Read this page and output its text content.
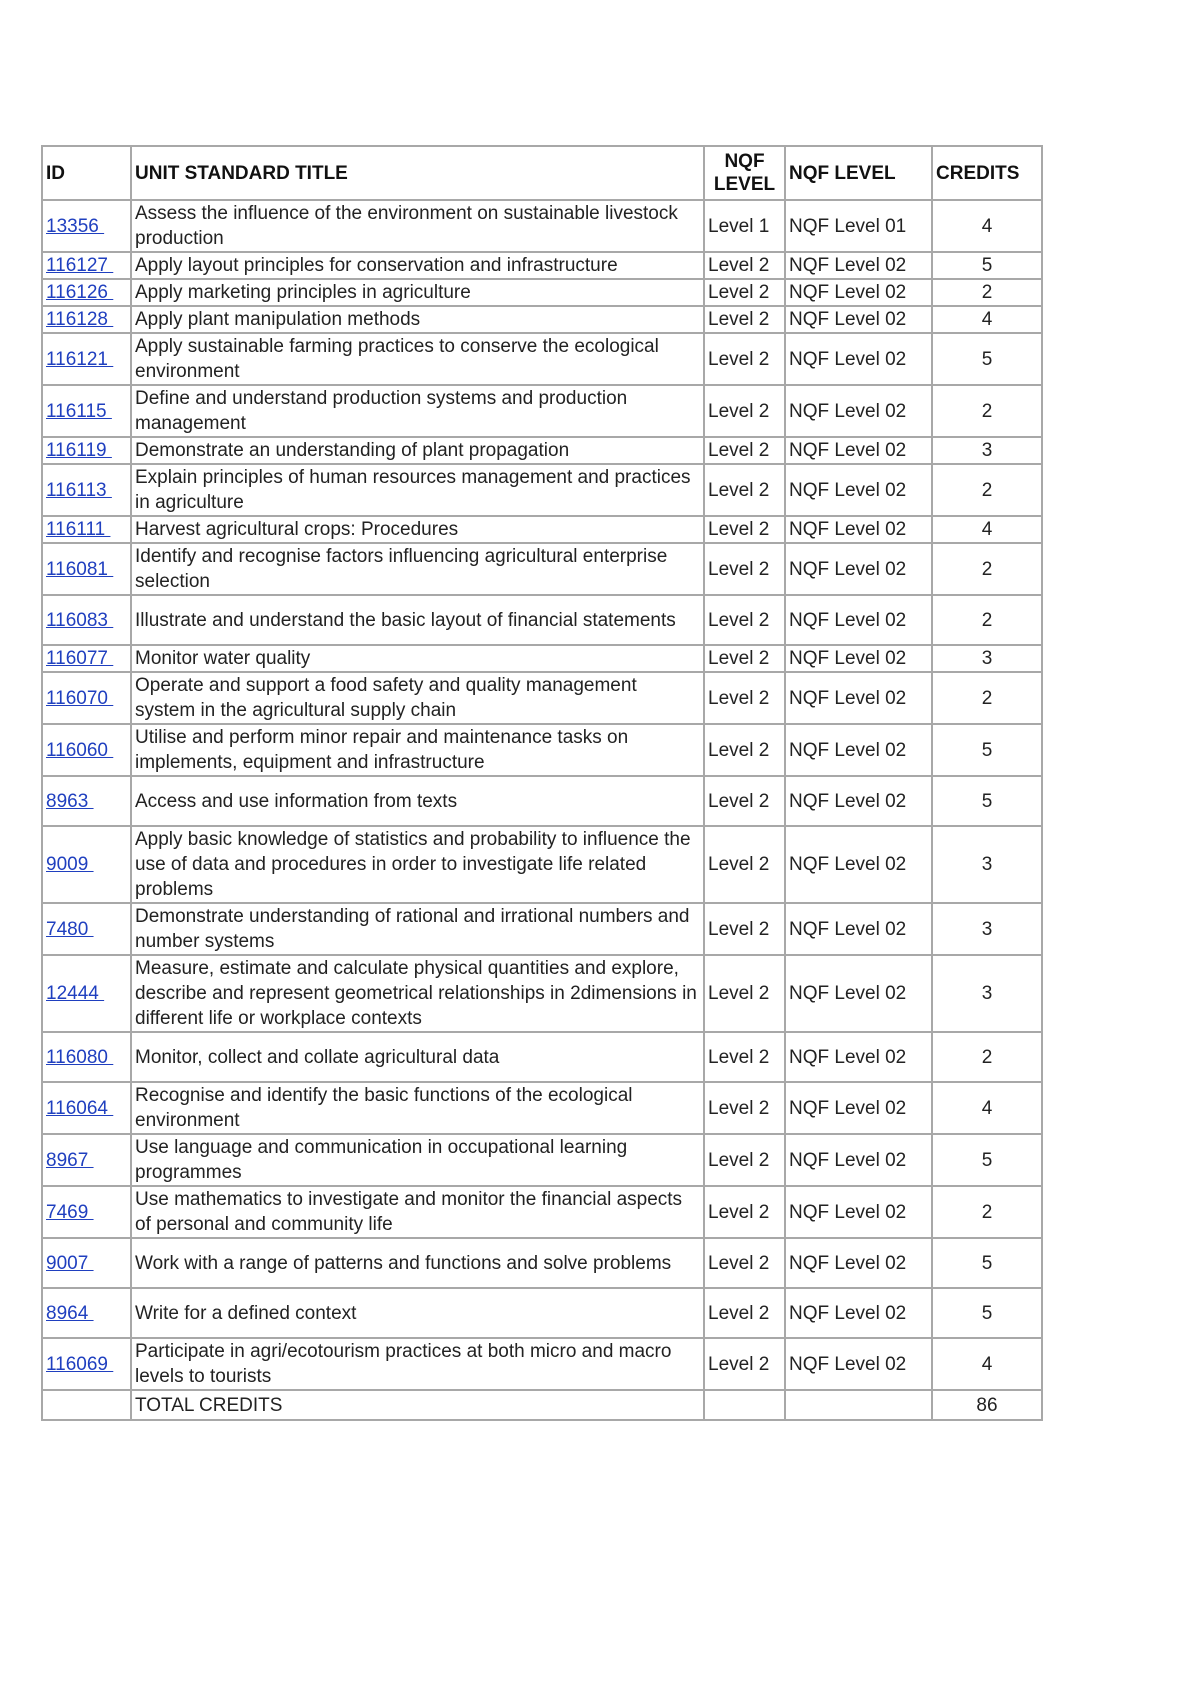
ID	UNIT STANDARD TITLE	NQF LEVEL	NQF LEVEL	CREDITS
13356	Assess the influence of the environment on sustainable livestock production	Level 1	NQF Level 01	4
116127	Apply layout principles for conservation and infrastructure	Level 2	NQF Level 02	5
116126	Apply marketing principles in agriculture	Level 2	NQF Level 02	2
116128	Apply plant manipulation methods	Level 2	NQF Level 02	4
116121	Apply sustainable farming practices to conserve the ecological environment	Level 2	NQF Level 02	5
116115	Define and understand production systems and production management	Level 2	NQF Level 02	2
116119	Demonstrate an understanding of plant propagation	Level 2	NQF Level 02	3
116113	Explain principles of human resources management and practices in agriculture	Level 2	NQF Level 02	2
116111	Harvest agricultural crops: Procedures	Level 2	NQF Level 02	4
116081	Identify and recognise factors influencing agricultural enterprise selection	Level 2	NQF Level 02	2
116083	Illustrate and understand the basic layout of financial statements	Level 2	NQF Level 02	2
116077	Monitor water quality	Level 2	NQF Level 02	3
116070	Operate and support a food safety and quality management system in the agricultural supply chain	Level 2	NQF Level 02	2
116060	Utilise and perform minor repair and maintenance tasks on implements, equipment and infrastructure	Level 2	NQF Level 02	5
8963	Access and use information from texts	Level 2	NQF Level 02	5
9009	Apply basic knowledge of statistics and probability to influence the use of data and procedures in order to investigate life related problems	Level 2	NQF Level 02	3
7480	Demonstrate understanding of rational and irrational numbers and number systems	Level 2	NQF Level 02	3
12444	Measure, estimate and calculate physical quantities and explore, describe and represent geometrical relationships in 2dimensions in different life or workplace contexts	Level 2	NQF Level 02	3
116080	Monitor, collect and collate agricultural data	Level 2	NQF Level 02	2
116064	Recognise and identify the basic functions of the ecological environment	Level 2	NQF Level 02	4
8967	Use language and communication in occupational learning programmes	Level 2	NQF Level 02	5
7469	Use mathematics to investigate and monitor the financial aspects of personal and community life	Level 2	NQF Level 02	2
9007	Work with a range of patterns and functions and solve problems	Level 2	NQF Level 02	5
8964	Write for a defined context	Level 2	NQF Level 02	5
116069	Participate in agri/ecotourism practices at both micro and macro levels to tourists	Level 2	NQF Level 02	4
	TOTAL CREDITS			86
